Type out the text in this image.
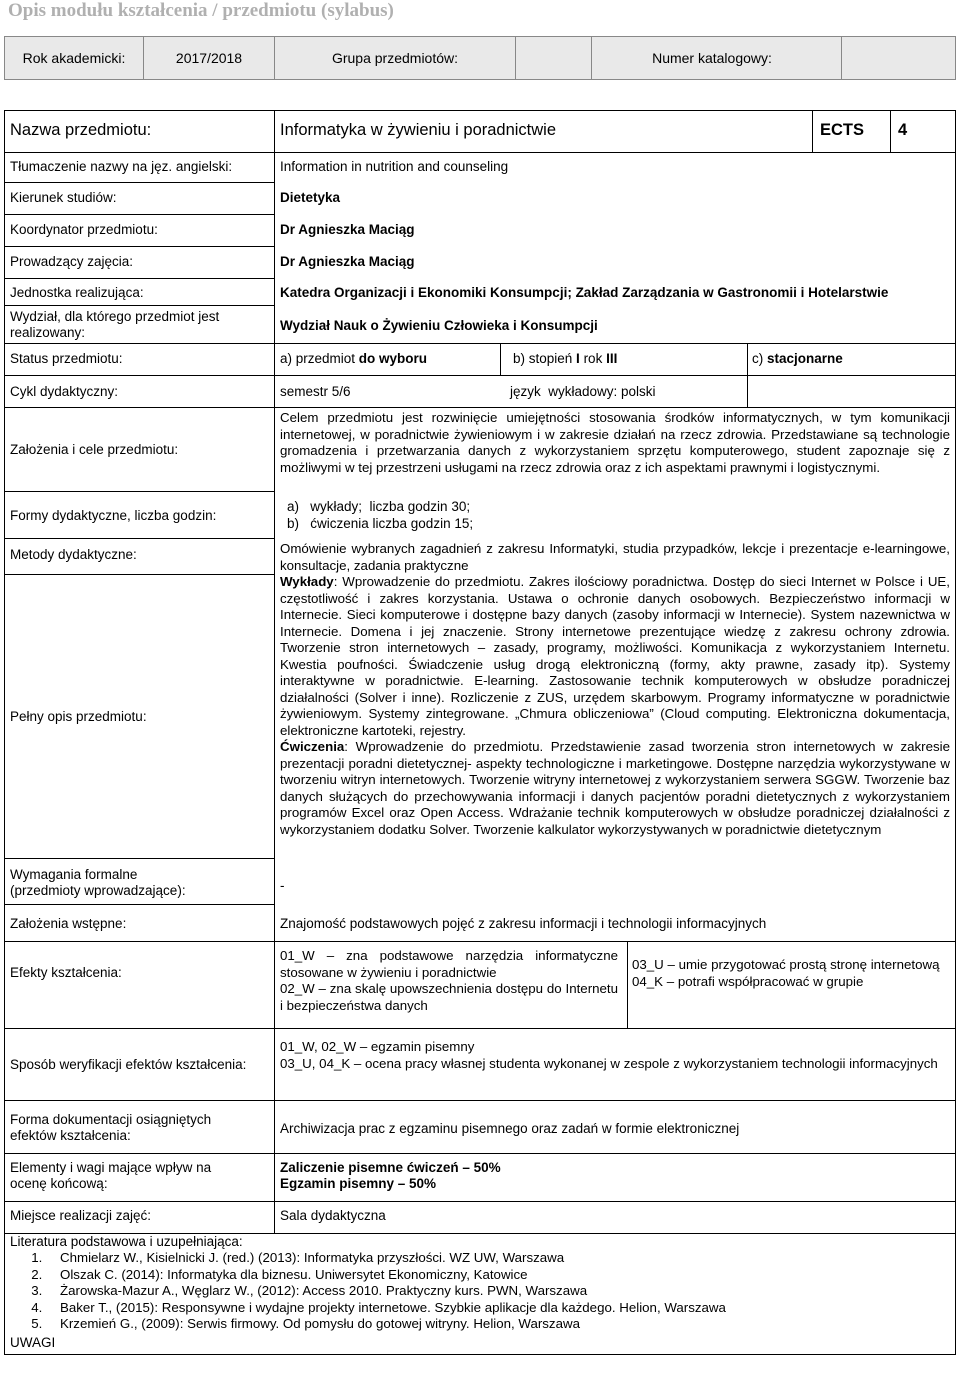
Opis modułu kształcenia / przedmiotu (sylabus)
Rok akademicki:	2017/2018	Grupa przedmiotów:	Numer katalogowy:
Nazwa przedmiotu:	Informatyka w żywieniu i poradnictwie	ECTS 4
Tłumaczenie nazwy na jęz. angielski:	Information in nutrition and counseling
Kierunek studiów:	Dietetyka
Koordynator przedmiotu:	Dr Agnieszka Maciąg
Prowadzący zajęcia:	Dr Agnieszka Maciąg
Jednostka realizująca:	Katedra Organizacji i Ekonomiki Konsumpcji; Zakład Zarządzania w Gastronomii i Hotelarstwie
Wydział, dla którego przedmiot jest realizowany:	Wydział Nauk o Żywieniu Człowieka i Konsumpcji
Status przedmiotu:	a) przedmiot do wyboru	b) stopień I rok III	c) stacjonarne
Cykl dydaktyczny:	semestr 5/6	język  wykładowy: polski
Założenia i cele przedmiotu:
Celem przedmiotu jest rozwinięcie umiejętności stosowania środków informatycznych, w tym komunikacji internetowej, w poradnictwie żywieniowym i w zakresie działań na rzecz zdrowia. Przedstawiane są technologie gromadzenia i przetwarzania danych z wykorzystaniem sprzętu komputerowego, student zapoznaje się z możliwymi w tej przestrzeni usługami na rzecz zdrowia oraz z ich aspektami prawnymi i logistycznymi.
Formy dydaktyczne, liczba godzin:
a)   wykłady;  liczba godzin 30;
b)   ćwiczenia liczba godzin 15;
Metody dydaktyczne:	Omówienie wybranych zagadnień z zakresu Informatyki, studia przypadków, lekcje i prezentacje e-learningowe, konsultacje, zadania praktyczne
Pełny opis przedmiotu:
Wykłady: Wprowadzenie do przedmiotu. Zakres ilościowy poradnictwa. Dostęp do sieci Internet w Polsce i UE, częstotliwość i zakres korzystania. Ustawa o ochronie danych osobowych. Bezpieczeństwo informacji w Internecie. Sieci komputerowe i dostępne bazy danych (zasoby informacji w Internecie). System nazewnictwa w Internecie. Domena i jej znaczenie. Strony internetowe prezentujące wiedzę z zakresu ochrony zdrowia. Tworzenie stron internetowych – zasady, programy, możliwości. Komunikacja z wykorzystaniem Internetu. Kwestia poufności. Świadczenie usług drogą elektroniczną (formy, akty prawne, zasady itp). Systemy interaktywne w poradnictwie. E-learning. Zastosowanie technik komputerowych w obsłudze poradniczej działalności (Solver i inne). Rozliczenie z ZUS, urzędem skarbowym. Programy informatyczne w poradnictwie żywieniowym. Systemy zintegrowane. „Chmura obliczeniowa” (Cloud computing. Elektroniczna dokumentacja, elektroniczne kartoteki, rejestry.
Ćwiczenia: Wprowadzenie do przedmiotu. Przedstawienie zasad tworzenia stron internetowych w zakresie prezentacji poradni dietetycznej- aspekty technologiczne i marketingowe. Dostępne narzędzia wykorzystywane w tworzeniu witryn internetowych. Tworzenie witryny internetowej z wykorzystaniem serwera SGGW. Tworzenie baz danych służących do przechowywania informacji i danych pacjentów poradni dietetycznych z wykorzystaniem programów Excel oraz Open Access. Wdrażanie technik komputerowych w obsłudze poradniczej działalności z wykorzystaniem dodatku Solver. Tworzenie kalkulator wykorzystywanych w poradnictwie dietetycznym
Wymagania formalne
(przedmioty wprowadzające):	-
Założenia wstępne:	Znajomość podstawowych pojęć z zakresu informacji i technologii informacyjnych
Efekty kształcenia:
01_W – zna podstawowe narzędzia informatyczne stosowane w żywieniu i poradnictwie
02_W – zna skalę upowszechnienia dostępu do Internetu i bezpieczeństwa danych
03_U – umie przygotować prostą stronę internetową
04_K – potrafi współpracować w grupie
Sposób weryfikacji efektów kształcenia:
01_W, 02_W – egzamin pisemny
03_U, 04_K – ocena pracy własnej studenta wykonanej w zespole z wykorzystaniem technologii informacyjnych
Forma dokumentacji osiągniętych efektów kształcenia:	Archiwizacja prac z egzaminu pisemnego oraz zadań w formie elektronicznej
Elementy i wagi mające wpływ na ocenę końcową:
Zaliczenie pisemne ćwiczeń – 50%
Egzamin pisemny – 50%
Miejsce realizacji zajęć:	Sala dydaktyczna
Literatura podstawowa i uzupełniająca:
1. Chmielarz W., Kisielnicki J. (red.) (2013): Informatyka przyszłości. WZ UW, Warszawa
2. Olszak C. (2014): Informatyka dla biznesu. Uniwersytet Ekonomiczny, Katowice
3. Żarowska-Mazur A., Węglarz W., (2012): Access 2010. Praktyczny kurs. PWN, Warszawa
4. Baker T., (2015): Responsywne i wydajne projekty internetowe. Szybkie aplikacje dla każdego. Helion, Warszawa
5. Krzemień G., (2009): Serwis firmowy. Od pomysłu do gotowej witryny. Helion, Warszawa
UWAGI
